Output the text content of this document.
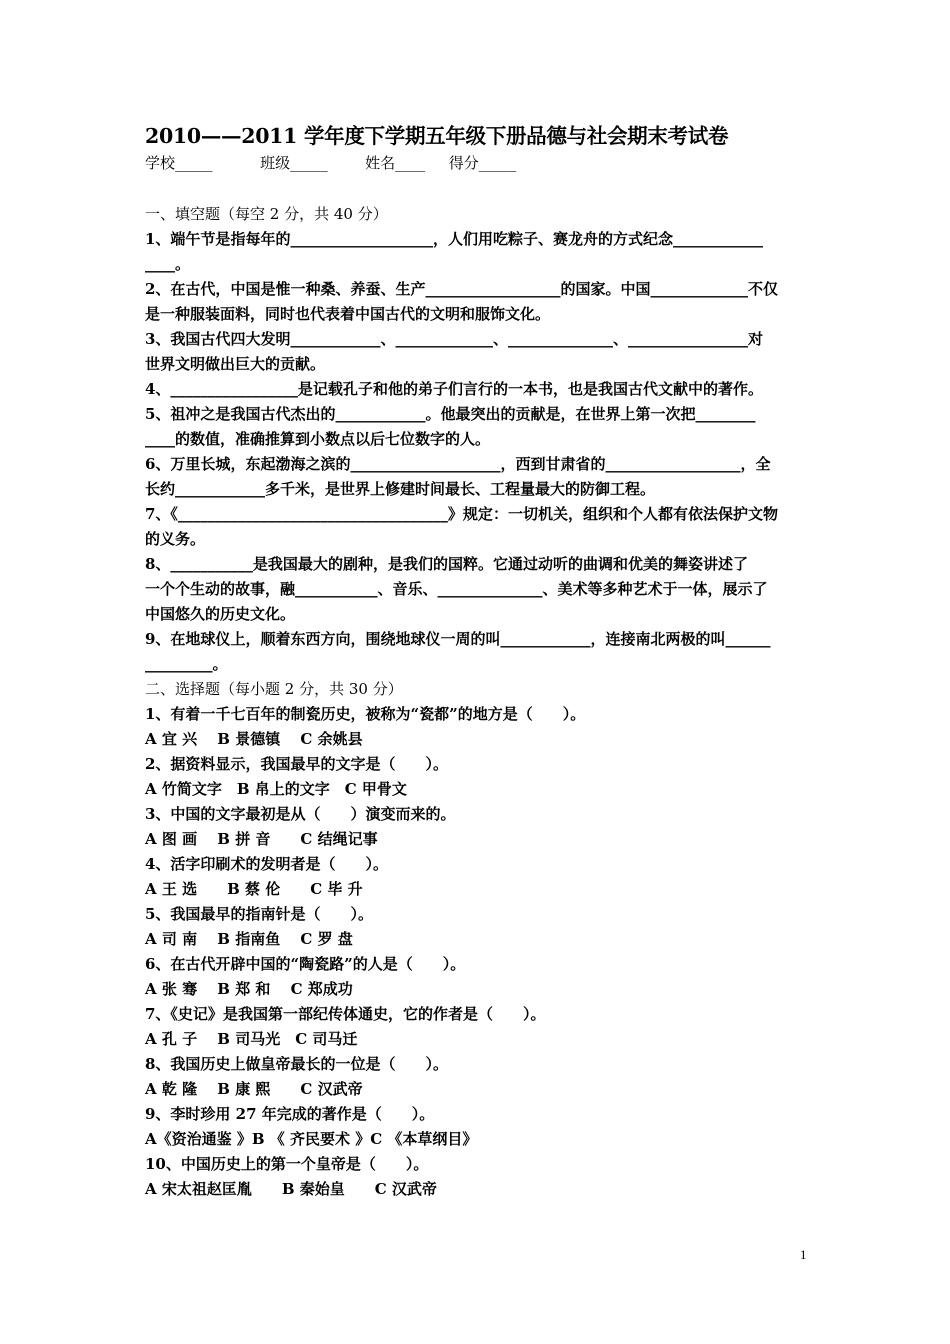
2010——2011 学年度下学期五年级下册品德与社会期末考试卷
学校_____	班级_____	姓名____ 得分_____
一、填空题（每空 2 分，共 40 分）
1、端午节是指每年的___________________，人们用吃粽子、赛龙舟的方式纪念____________
____。
2、在古代，中国是惟一种桑、养蚕、生产__________________的国家。中国_____________不仅
是一种服装面料，同时也代表着中国古代的文明和服饰文化。
3、我国古代四大发明____________、_____________、______________、________________对
世界文明做出巨大的贡献。
4、_________________是记载孔子和他的弟子们言行的一本书，也是我国古代文献中的著作。
5、祖冲之是我国古代杰出的____________。他最突出的贡献是，在世界上第一次把________
____的数值，准确推算到小数点以后七位数字的人。
6、万里长城，东起渤海之滨的____________________，西到甘肃省的__________________，全
长约____________多千米，是世界上修建时间最长、工程量最大的防御工程。
7、《____________________________________》规定：一切机关，组织和个人都有依法保护文物
的义务。
8、___________是我国最大的剧种，是我们的国粹。它通过动听的曲调和优美的舞姿讲述了
一个个生动的故事，融___________、音乐、______________、美术等多种艺术于一体，展示了
中国悠久的历史文化。
9、在地球仪上，顺着东西方向，围绕地球仪一周的叫____________，连接南北两极的叫______
_________。
二、选择题（每小题 2 分，共 30 分）
1、有着一千七百年的制瓷历史，被称为“瓷都”的地方是（　　）。
A 宜 兴　 B 景德镇　 C 余姚县
2、据资料显示，我国最早的文字是（　　）。
A 竹简文字　B 帛上的文字　C 甲骨文
3、中国的文字最初是从（　　）演变而来的。
A 图 画　 B 拼 音　　C 结绳记事
4、活字印刷术的发明者是（　　）。
A 王 选　　B 蔡 伦　　C 毕 升
5、我国最早的指南针是（　　）。
A 司 南　 B 指南鱼　 C 罗 盘
6、在古代开辟中国的“陶瓷路”的人是（　　）。
A 张 骞　 B 郑 和　 C 郑成功
7、《史记》是我国第一部纪传体通史，它的作者是（　　）。
A 孔 子　 B 司马光　C 司马迁
8、我国历史上做皇帝最长的一位是（　　）。
A 乾 隆　 B 康 熙　　C 汉武帝
9、李时珍用 27 年完成的著作是（　　）。
A《资治通鉴 》B 《 齐民要术 》C 《本草纲目》
10、中国历史上的第一个皇帝是（　　）。
A 宋太祖赵匡胤　　B 秦始皇　　C 汉武帝
1
